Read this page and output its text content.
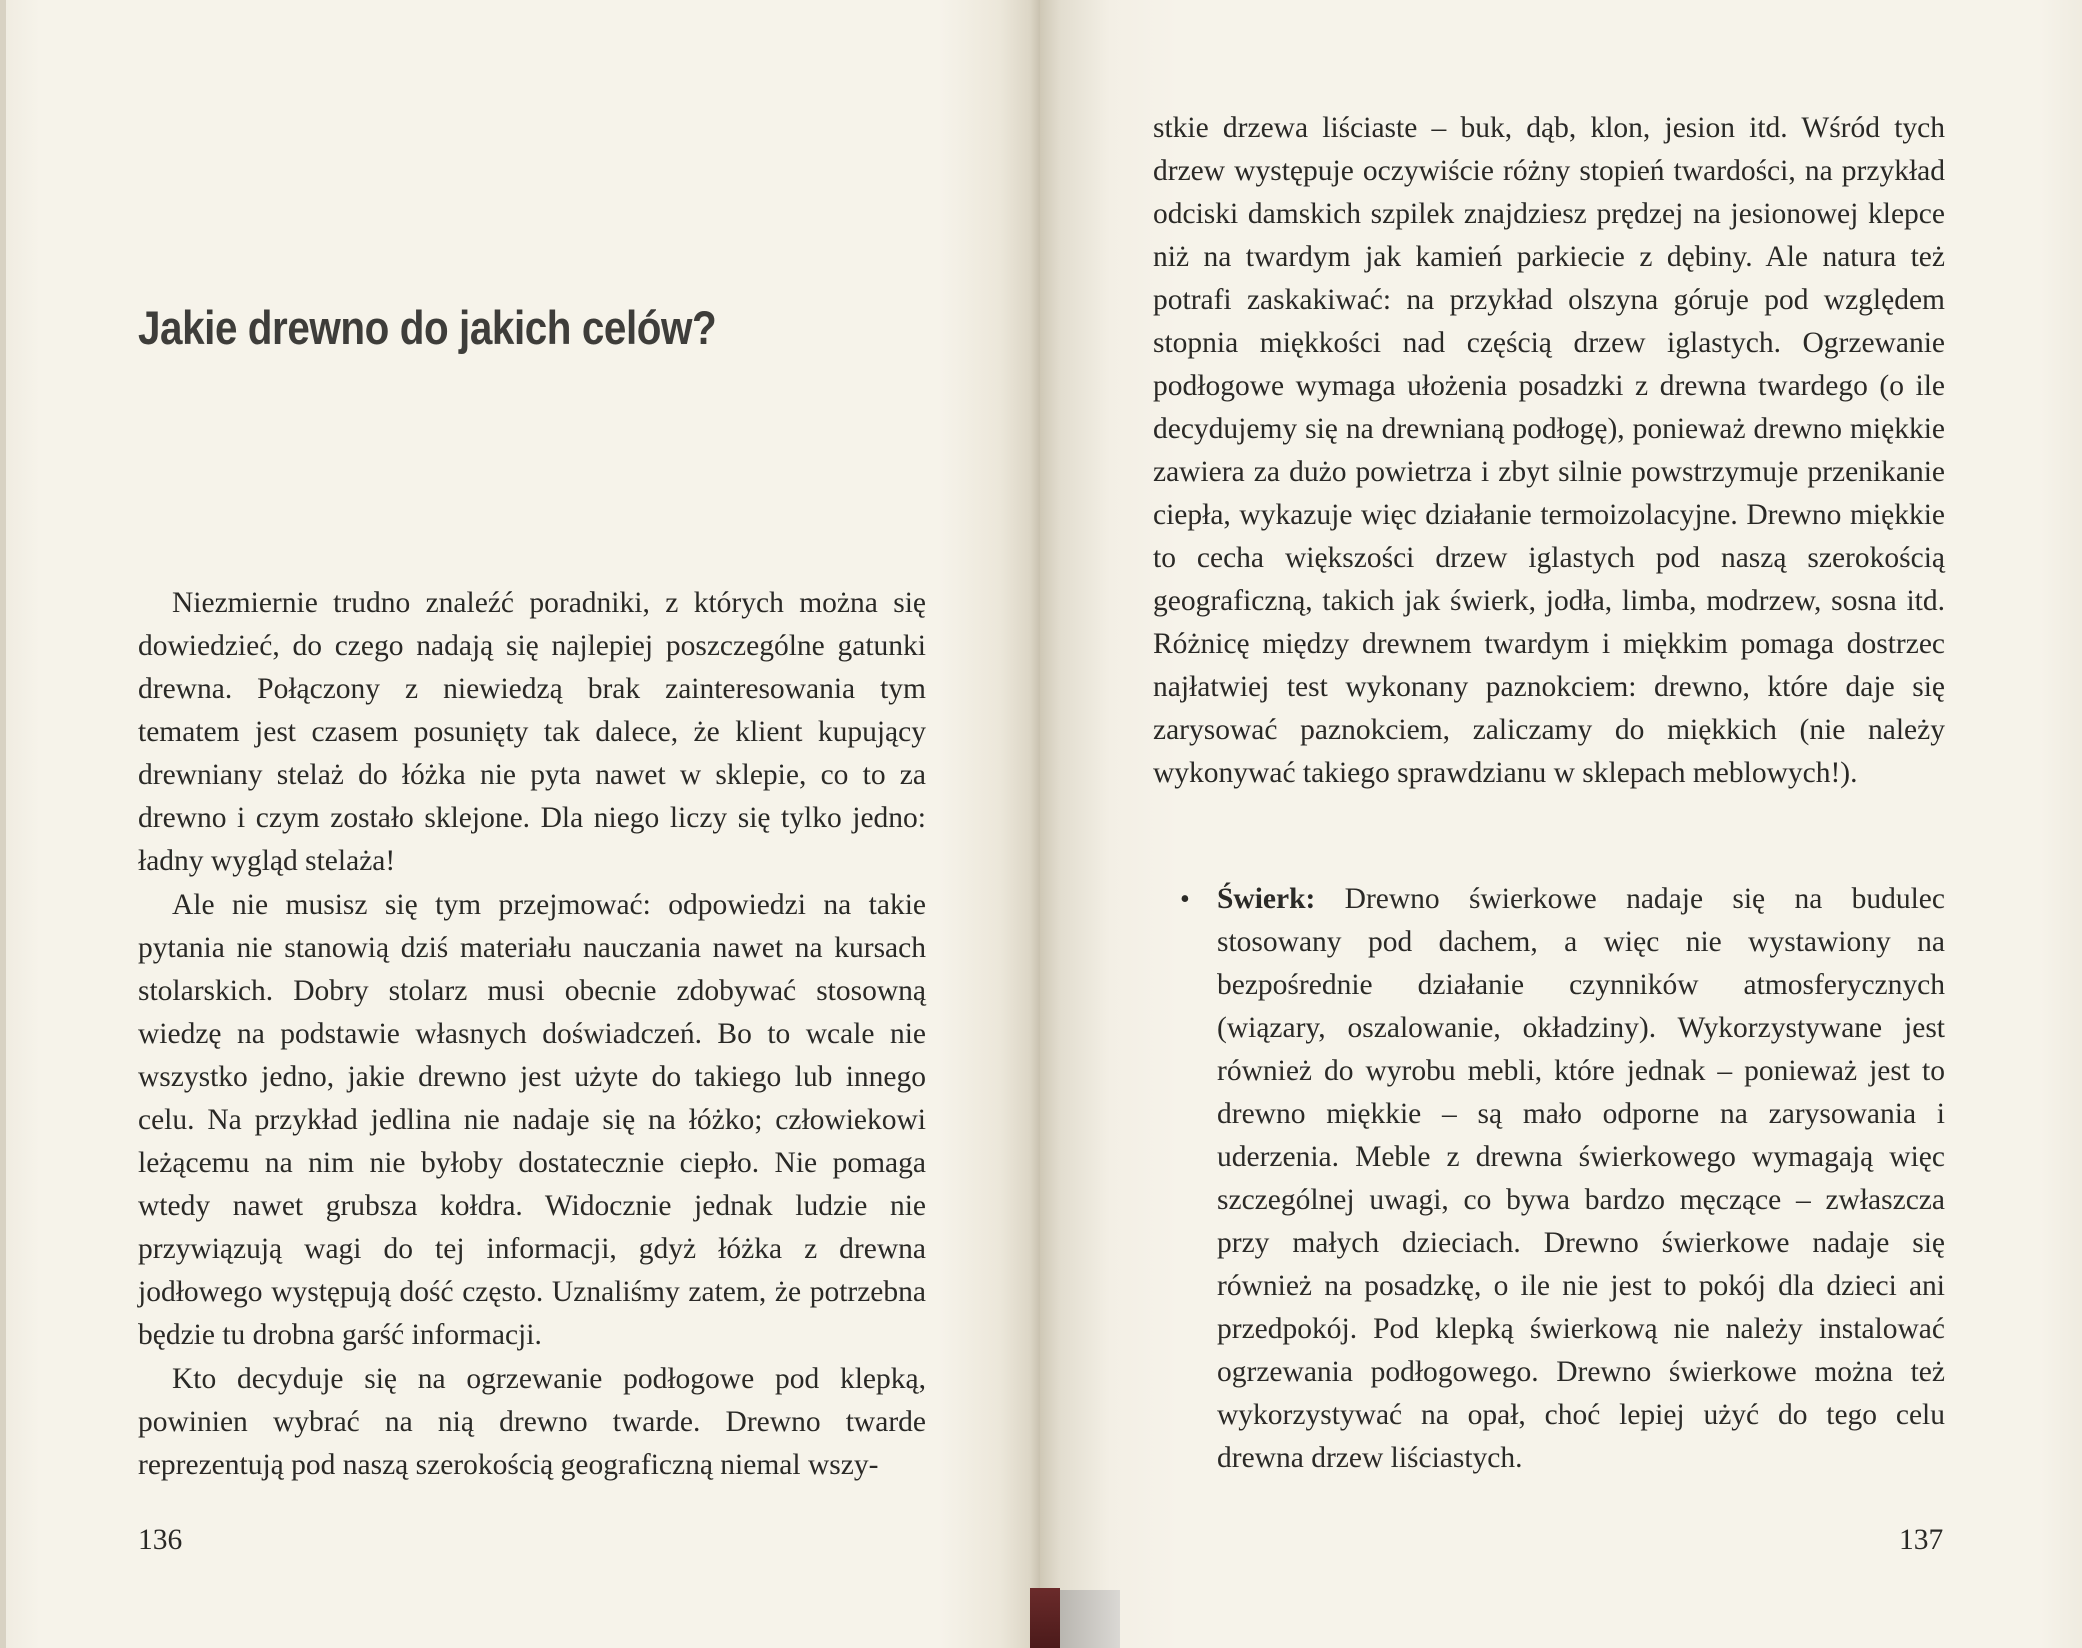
Jakie drewno do jakich celów?

Niezmiernie trudno znaleźć poradniki, z których można się dowiedzieć, do czego nadają się najlepiej poszczególne gatunki drewna. Połączony z niewiedzą brak zainteresowania tym tematem jest czasem posunięty tak dalece, że klient kupujący drewniany stelaż do łóżka nie pyta nawet w sklepie, co to za drewno i czym zostało sklejone. Dla niego liczy się tylko jedno: ładny wygląd stelaża!

Ale nie musisz się tym przejmować: odpowiedzi na takie pytania nie stanowią dziś materiału nauczania nawet na kursach stolarskich. Dobry stolarz musi obecnie zdobywać stosowną wiedzę na podstawie własnych doświadczeń. Bo to wcale nie wszystko jedno, jakie drewno jest użyte do takiego lub innego celu. Na przykład jedlina nie nadaje się na łóżko; człowiekowi leżącemu na nim nie byłoby dostatecznie ciepło. Nie pomaga wtedy nawet grubsza kołdra. Widocznie jednak ludzie nie przywiązują wagi do tej informacji, gdyż łóżka z drewna jodłowego występują dość często. Uznaliśmy zatem, że potrzebna będzie tu drobna garść informacji.

Kto decyduje się na ogrzewanie podłogowe pod klepką, powinien wybrać na nią drewno twarde. Drewno twarde reprezentują pod naszą szerokością geograficzną niemal wszy-

136

stkie drzewa liściaste – buk, dąb, klon, jesion itd. Wśród tych drzew występuje oczywiście różny stopień twardości, na przykład odciski damskich szpilek znajdziesz prędzej na jesionowej klepce niż na twardym jak kamień parkiecie z dębiny. Ale natura też potrafi zaskakiwać: na przykład olszyna góruje pod względem stopnia miękkości nad częścią drzew iglastych. Ogrzewanie podłogowe wymaga ułożenia posadzki z drewna twardego (o ile decydujemy się na drewnianą podłogę), ponieważ drewno miękkie zawiera za dużo powietrza i zbyt silnie powstrzymuje przenikanie ciepła, wykazuje więc działanie termoizolacyjne. Drewno miękkie to cecha większości drzew iglastych pod naszą szerokością geograficzną, takich jak świerk, jodła, limba, modrzew, sosna itd. Różnicę między drewnem twardym i miękkim pomaga dostrzec najłatwiej test wykonany paznokciem: drewno, które daje się zarysować paznokciem, zaliczamy do miękkich (nie należy wykonywać takiego sprawdzianu w sklepach meblowych!).

• Świerk: Drewno świerkowe nadaje się na budulec stosowany pod dachem, a więc nie wystawiony na bezpośrednie działanie czynników atmosferycznych (wiązary, oszalowanie, okładziny). Wykorzystywane jest również do wyrobu mebli, które jednak – ponieważ jest to drewno miękkie – są mało odporne na zarysowania i uderzenia. Meble z drewna świerkowego wymagają więc szczególnej uwagi, co bywa bardzo męczące – zwłaszcza przy małych dzieciach. Drewno świerkowe nadaje się również na posadzkę, o ile nie jest to pokój dla dzieci ani przedpokój. Pod klepką świerkową nie należy instalować ogrzewania podłogowego. Drewno świerkowe można też wykorzystywać na opał, choć lepiej użyć do tego celu drewna drzew liściastych.
137
